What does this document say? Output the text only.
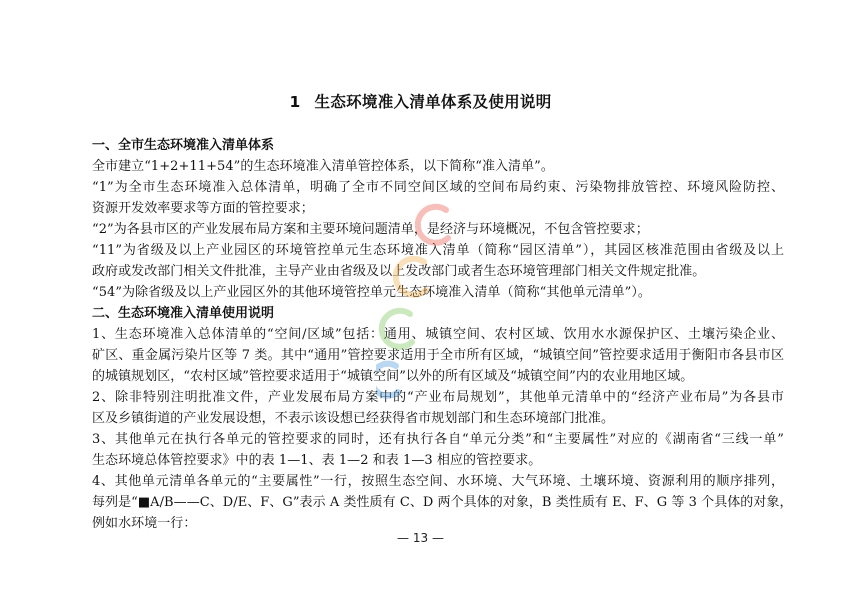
1 生态环境准入清单体系及使用说明
一、全市生态环境准入清单体系
全市建立“1+2+11+54”的生态环境准入清单管控体系，以下简称“准入清单”。
“1”为全市生态环境准入总体清单，明确了全市不同空间区域的空间布局约束、污染物排放管控、环境风险防控、
资源开发效率要求等方面的管控要求；
“2”为各县市区的产业发展布局方案和主要环境问题清单，是经济与环境概况，不包含管控要求；
“11”为省级及以上产业园区的环境管控单元生态环境准入清单（简称“园区清单”），其园区核准范围由省级及以上
政府或发改部门相关文件批准，主导产业由省级及以上发改部门或者生态环境管理部门相关文件规定批准。
“54”为除省级及以上产业园区外的其他环境管控单元生态环境准入清单（简称“其他单元清单”）。
二、生态环境准入清单使用说明
1、生态环境准入总体清单的“空间/区域”包括：通用、城镇空间、农村区域、饮用水水源保护区、土壤污染企业、
矿区、重金属污染片区等 7 类。其中“通用”管控要求适用于全市所有区域，“城镇空间”管控要求适用于衡阳市各县市区
的城镇规划区，“农村区域”管控要求适用于“城镇空间”以外的所有区域及“城镇空间”内的农业用地区域。
2、除非特别注明批准文件，产业发展布局方案中的“产业布局规划”，其他单元清单中的“经济产业布局”为各县市
区及乡镇街道的产业发展设想，不表示该设想已经获得省市规划部门和生态环境部门批准。
3、其他单元在执行各单元的管控要求的同时，还有执行各自“单元分类”和“主要属性”对应的《湖南省“三线一单”
生态环境总体管控要求》中的表 1—1、表 1—2 和表 1—3 相应的管控要求。
4、其他单元清单各单元的“主要属性”一行，按照生态空间、水环境、大气环境、土壤环境、资源利用的顺序排列，
每列是“■A/B——C、D/E、F、G”表示 A 类性质有 C、D 两个具体的对象，B 类性质有 E、F、G 等 3 个具体的对象，
例如水环境一行：
— 13 —
